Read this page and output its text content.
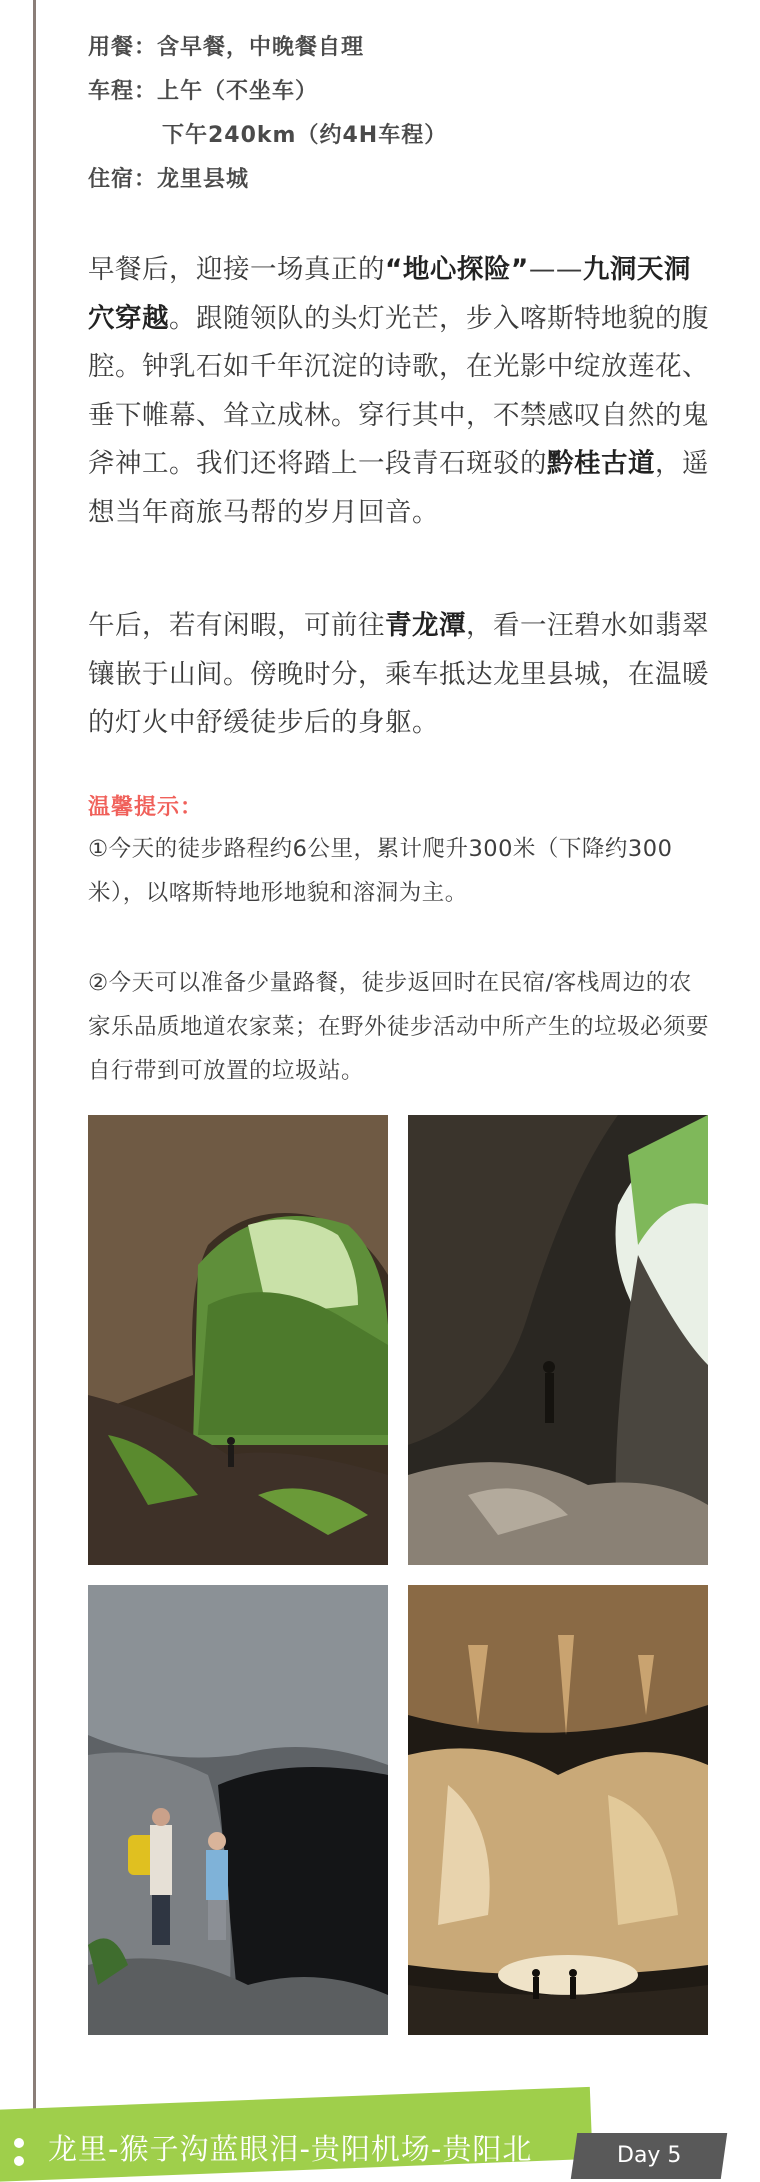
用餐：含早餐，中晚餐自理
车程：上午（不坐车）
下午240km（约4H车程）
住宿：龙里县城
早餐后，迎接一场真正的“地心探险”——九洞天洞穴穿越。跟随领队的头灯光芒，步入喀斯特地貌的腹腔。钟乳石如千年沉淀的诗歌，在光影中绽放莲花、垂下帷幕、耸立成林。穿行其中，不禁感叹自然的鬼斧神工。我们还将踏上一段青石斑驳的黔桂古道，遥想当年商旅马帮的岁月回音。
午后，若有闲暇，可前往青龙潭，看一汪碧水如翡翠镶嵌于山间。傍晚时分，乘车抵达龙里县城，在温暖的灯火中舒缓徒步后的身躯。
温馨提示：
①今天的徒步路程约6公里，累计爬升300米（下降约300米），以喀斯特地形地貌和溶洞为主。
②今天可以准备少量路餐，徒步返回时在民宿/客栈周边的农家乐品质地道农家菜；在野外徒步活动中所产生的垃圾必须要自行带到可放置的垃圾站。
龙里-猴子沟蓝眼泪-贵阳机场-贵阳北	Day 5
